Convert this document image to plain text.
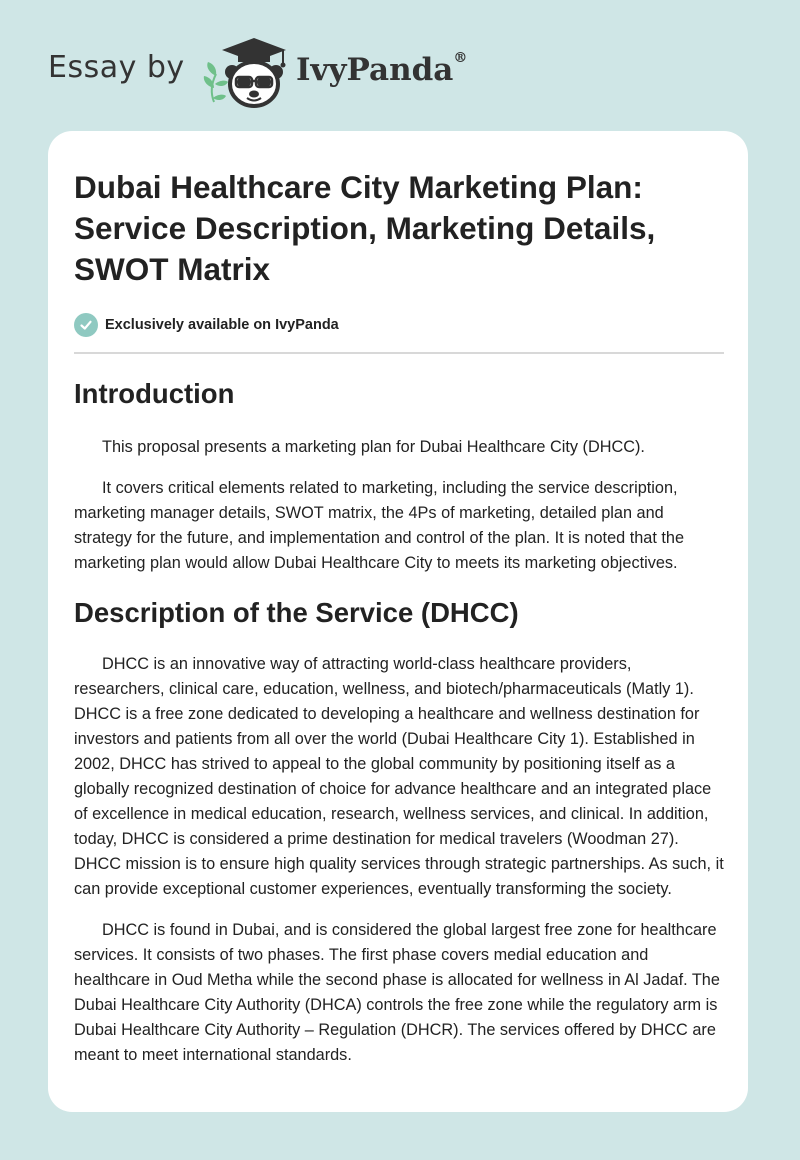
Essay by	IvyPanda®
Dubai Healthcare City Marketing Plan: Service Description, Marketing Details, SWOT Matrix
Exclusively available on IvyPanda
Introduction

This proposal presents a marketing plan for Dubai Healthcare City (DHCC).

It covers critical elements related to marketing, including the service description, marketing manager details, SWOT matrix, the 4Ps of marketing, detailed plan and strategy for the future, and implementation and control of the plan. It is noted that the marketing plan would allow Dubai Healthcare City to meets its marketing objectives.

Description of the Service (DHCC)

DHCC is an innovative way of attracting world-class healthcare providers, researchers, clinical care, education, wellness, and biotech/pharmaceuticals (Matly 1). DHCC is a free zone dedicated to developing a healthcare and wellness destination for investors and patients from all over the world (Dubai Healthcare City 1). Established in 2002, DHCC has strived to appeal to the global community by positioning itself as a globally recognized destination of choice for advance healthcare and an integrated place of excellence in medical education, research, wellness services, and clinical. In addition, today, DHCC is considered a prime destination for medical travelers (Woodman 27). DHCC mission is to ensure high quality services through strategic partnerships. As such, it can provide exceptional customer experiences, eventually transforming the society.

DHCC is found in Dubai, and is considered the global largest free zone for healthcare services. It consists of two phases. The first phase covers medial education and healthcare in Oud Metha while the second phase is allocated for wellness in Al Jadaf. The Dubai Healthcare City Authority (DHCA) controls the free zone while the regulatory arm is Dubai Healthcare City Authority – Regulation (DHCR). The services offered by DHCC are meant to meet international standards.
